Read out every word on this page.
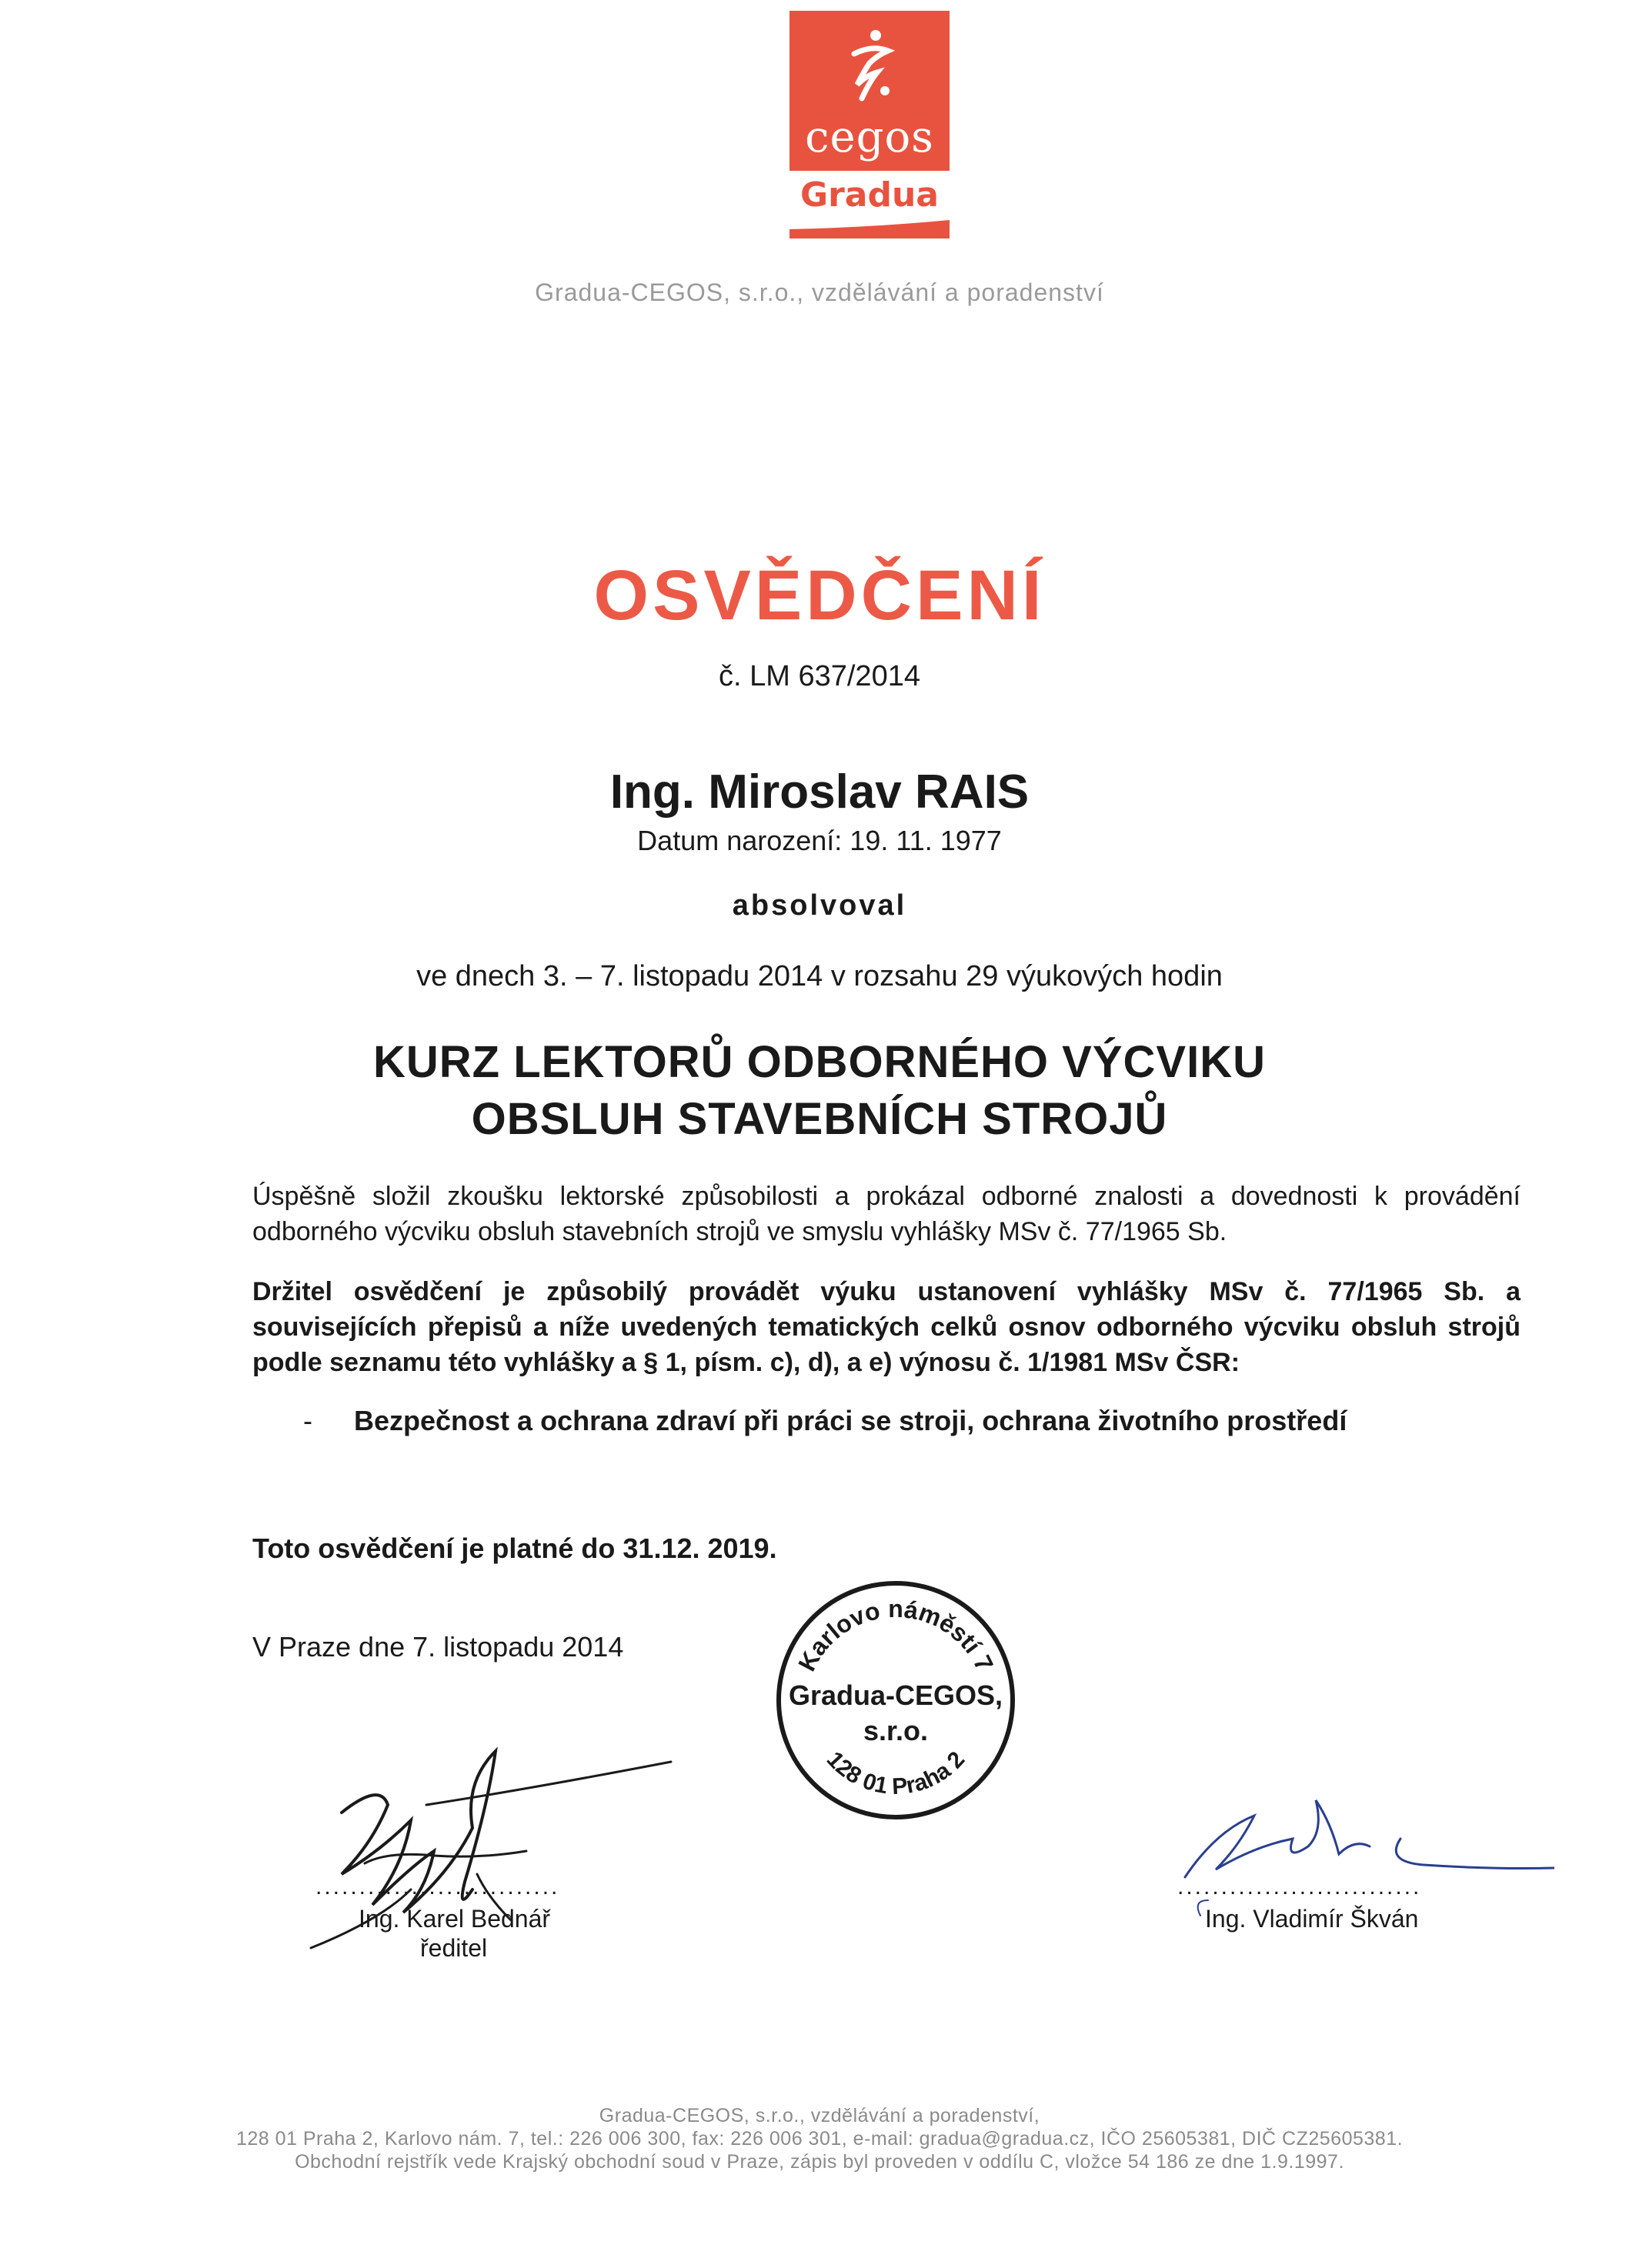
cegos
Gradua
Gradua-CEGOS, s.r.o., vzdělávání a poradenství
OSVĚDČENÍ
č. LM 637/2014
Ing. Miroslav RAIS
Datum narození: 19. 11. 1977
absolvoval
ve dnech 3. – 7. listopadu 2014 v rozsahu 29 výukových hodin
KURZ LEKTORŮ ODBORNÉHO VÝCVIKU
OBSLUH STAVEBNÍCH STROJŮ
Úspěšně složil zkoušku lektorské způsobilosti a prokázal odborné znalosti a dovednosti k provádění odborného výcviku obsluh stavebních strojů ve smyslu vyhlášky MSv č. 77/1965 Sb.
Držitel osvědčení je způsobilý provádět výuku ustanovení vyhlášky MSv č. 77/1965 Sb. a souvisejících přepisů a níže uvedených tematických celků osnov odborného výcviku obsluh strojů podle seznamu této vyhlášky a § 1, písm. c), d), a e) výnosu č. 1/1981 MSv ČSR:
- Bezpečnost a ochrana zdraví při práci se stroji, ochrana životního prostředí
Toto osvědčení je platné do 31.12. 2019.
V Praze dne 7. listopadu 2014	Karlovo náměstí 7
Gradua-CEGOS,
s.r.o.
128 01 Praha 2
............................
Ing. Karel Bednář
ředitel
............................
Ing. Vladimír Škván
Gradua-CEGOS, s.r.o., vzdělávání a poradenství,
128 01 Praha 2, Karlovo nám. 7, tel.: 226 006 300, fax: 226 006 301, e-mail: gradua@gradua.cz, IČO 25605381, DIČ CZ25605381.
Obchodní rejstřík vede Krajský obchodní soud v Praze, zápis byl proveden v oddílu C, vložce 54 186 ze dne 1.9.1997.
